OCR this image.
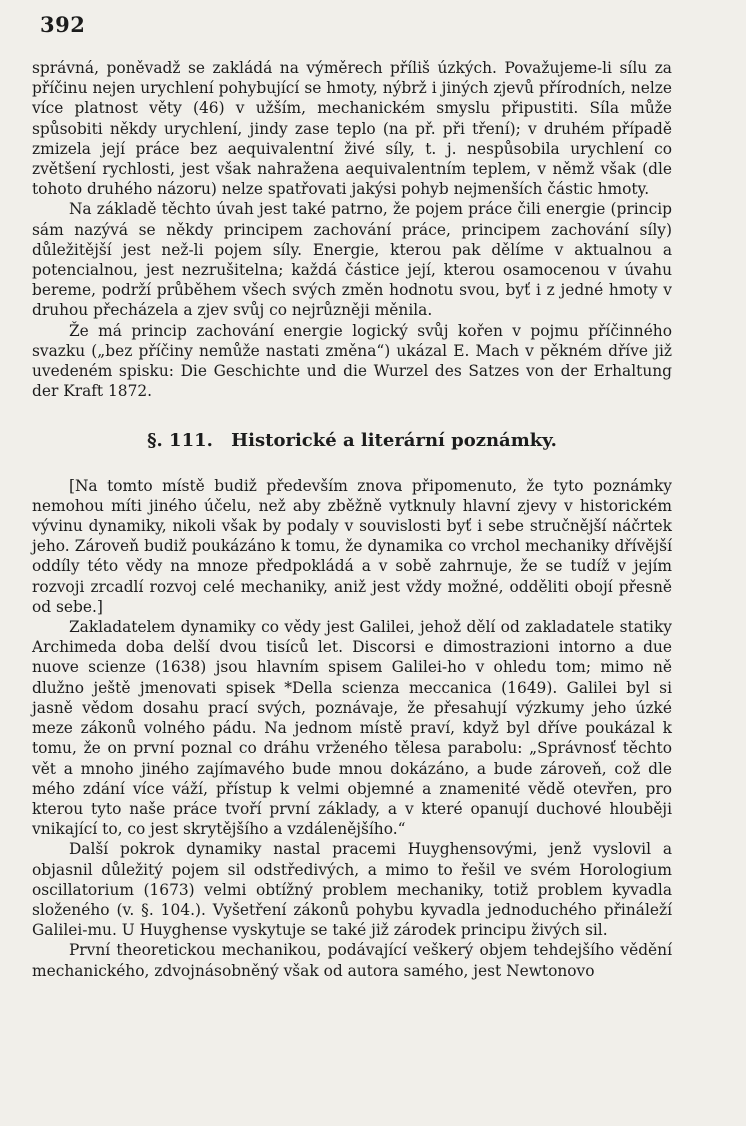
392

správná, poněvadž se zakládá na výměrech příliš úzkých. Považujeme-li sílu za příčinu nejen urychlení pohybující se hmoty, nýbrž i jiných zjevů přírodních, nelze více platnost věty (46) v užším, mechanickém smyslu připustiti. Síla může spůsobiti někdy urychlení, jindy zase teplo (na př. při tření); v druhém případě zmizela její práce bez aequivalentní živé síly, t. j. nespůsobila urychlení co zvětšení rychlosti, jest však nahražena aequivalentním teplem, v němž však (dle tohoto druhého názoru) nelze spatřovati jakýsi pohyb nejmenších částic hmoty.

Na základě těchto úvah jest také patrno, že pojem práce čili energie (princip sám nazývá se někdy principem zachování práce, principem zachování síly) důležitější jest než-li pojem síly. Energie, kterou pak dělíme v aktualnou a potencialnou, jest nezrušitelna; každá částice její, kterou osamocenou v úvahu bereme, podrží průběhem všech svých změn hodnotu svou, byť i z jedné hmoty v druhou přecházela a zjev svůj co nejrůzněji měnila.

Že má princip zachování energie logický svůj kořen v pojmu příčinného svazku („bez příčiny nemůže nastati změna“) ukázal E. Mach v pěkném dříve již uvedeném spisku: Die Geschichte und die Wurzel des Satzes von der Erhaltung der Kraft 1872.

§. 111. Historické a literární poznámky.

[Na tomto místě budiž především znova připomenuto, že tyto poznámky nemohou míti jiného účelu, než aby zběžně vytknuly hlavní zjevy v historickém vývinu dynamiky, nikoli však by podaly v souvislosti byť i sebe stručnější náčrtek jeho. Zároveň budiž poukázáno k tomu, že dynamika co vrchol mechaniky dřívější oddíly této vědy na mnoze předpokládá a v sobě zahrnuje, že se tudíž v jejím rozvoji zrcadlí rozvoj celé mechaniky, aniž jest vždy možné, odděliti obojí přesně od sebe.]

Zakladatelem dynamiky co vědy jest Galilei, jehož dělí od zakladatele statiky Archimeda doba delší dvou tisíců let. Discorsi e dimostrazioni intorno a due nuove scienze (1638) jsou hlavním spisem Galilei-ho v ohledu tom; mimo ně dlužno ještě jmenovati spisek *Della scienza meccanica (1649). Galilei byl si jasně vědom dosahu prací svých, poznávaje, že přesahují výzkumy jeho úzké meze zákonů volného pádu. Na jednom místě praví, když byl dříve poukázal k tomu, že on první poznal co dráhu vrženého tělesa parabolu: „Správnosť těchto vět a mnoho jiného zajímavého bude mnou dokázáno, a bude zároveň, což dle mého zdání více váží, přístup k velmi objemné a znamenité vědě otevřen, pro kterou tyto naše práce tvoří první základy, a v které opanují duchové hlouběji vnikající to, co jest skrytějšího a vzdálenějšího.“

Další pokrok dynamiky nastal pracemi Huyghensovými, jenž vyslovil a objasnil důležitý pojem sil odstředivých, a mimo to řešil ve svém Horologium oscillatorium (1673) velmi obtížný problem mechaniky, totiž problem kyvadla složeného (v. §. 104.). Vyšetření zákonů pohybu kyvadla jednoduchého přináleží Galilei-mu. U Huyghense vyskytuje se také již zárodek principu živých sil.

První theoretickou mechanikou, podávající veškerý objem tehdejšího vědění mechanického, zdvojnásobněný však od autora samého, jest Newtonovo
